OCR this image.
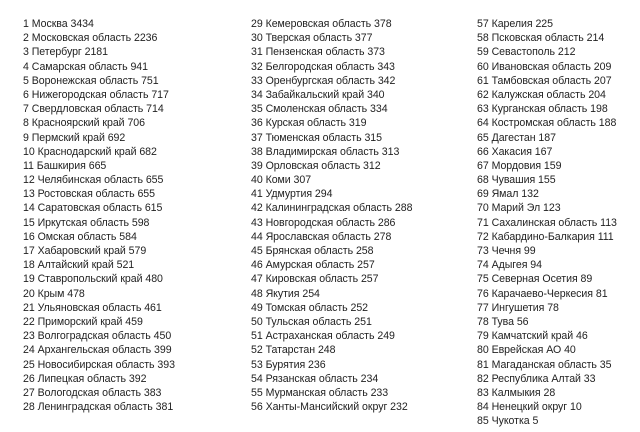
1 Москва 3434
2 Московская область 2236
3 Петербург 2181
4 Самарская область 941
5 Воронежская область 751
6 Нижегородская область 717
7 Свердловская область 714
8 Красноярский край 706
9 Пермский край 692
10 Краснодарский край 682
11 Башкирия 665
12 Челябинская область 655
13 Ростовская область 655
14 Саратовская область 615
15 Иркутская область 598
16 Омская область 584
17 Хабаровский край 579
18 Алтайский край 521
19 Ставропольский край 480
20 Крым 478
21 Ульяновская область 461
22 Приморский край 459
23 Волгоградская область 450
24 Архангельская область 399
25 Новосибирская область 393
26 Липецкая область 392
27 Вологодская область 383
28 Ленинградская область 381
29 Кемеровская область 378
30 Тверская область 377
31 Пензенская область 373
32 Белгородская область 343
33 Оренбургская область 342
34 Забайкальский край 340
35 Смоленская область 334
36 Курская область 319
37 Тюменская область 315
38 Владимирская область 313
39 Орловская область 312
40 Коми 307
41 Удмуртия 294
42 Калининградская область 288
43 Новгородская область 286
44 Ярославская область 278
45 Брянская область 258
46 Амурская область 257
47 Кировская область 257
48 Якутия 254
49 Томская область 252
50 Тульская область 251
51 Астраханская область 249
52 Татарстан 248
53 Бурятия 236
54 Рязанская область 234
55 Мурманская область 233
56 Ханты-Мансийский округ 232
57 Карелия 225
58 Псковская область 214
59 Севастополь 212
60 Ивановская область 209
61 Тамбовская область 207
62 Калужская область 204
63 Курганская область 198
64 Костромская область 188
65 Дагестан 187
66 Хакасия 167
67 Мордовия 159
68 Чувашия 155
69 Ямал 132
70 Марий Эл 123
71 Сахалинская область 113
72 Кабардино-Балкария 111
73 Чечня 99
74 Адыгея 94
75 Северная Осетия 89
76 Карачаево-Черкесия 81
77 Ингушетия 78
78 Тува 56
79 Камчатский край 46
80 Еврейская АО 40
81 Магаданская область 35
82 Республика Алтай 33
83 Калмыкия 28
84 Ненецкий округ 10
85 Чукотка 5
